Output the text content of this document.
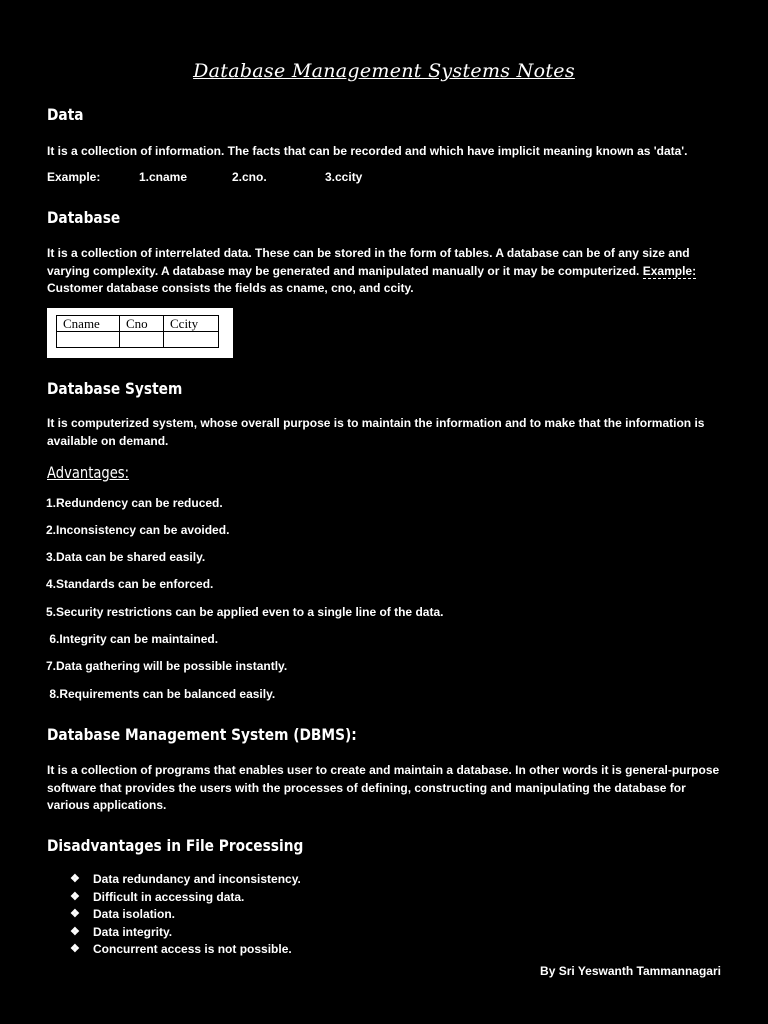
Database Management Systems Notes
Data
It is a collection of information. The facts that can be recorded and which have implicit meaning known as 'data'.
Example:	1.cname	2.cno.	3.ccity
Database
It is a collection of interrelated data. These can be stored in the form of tables. A database can be of any size and varying complexity. A database may be generated and manipulated manually or it may be computerized. Example: Customer database consists the fields as cname, cno, and ccity.
Cname	Cno	Ccity

Database System
It is computerized system, whose overall purpose is to maintain the information and to make that the information is available on demand.
Advantages:
1.Redundency can be reduced.
2.Inconsistency can be avoided.
3.Data can be shared easily.
4.Standards can be enforced.
5.Security restrictions can be applied even to a single line of the data.
6.Integrity can be maintained.
7.Data gathering will be possible instantly.
8.Requirements can be balanced easily.
Database Management System (DBMS):
It is a collection of programs that enables user to create and maintain a database. In other words it is general-purpose software that provides the users with the processes of defining, constructing and manipulating the database for various applications.
Disadvantages in File Processing
❖	Data redundancy and inconsistency.
❖	Difficult in accessing data.
❖	Data isolation.
❖	Data integrity.
❖	Concurrent access is not possible.
By Sri Yeswanth Tammannagari
